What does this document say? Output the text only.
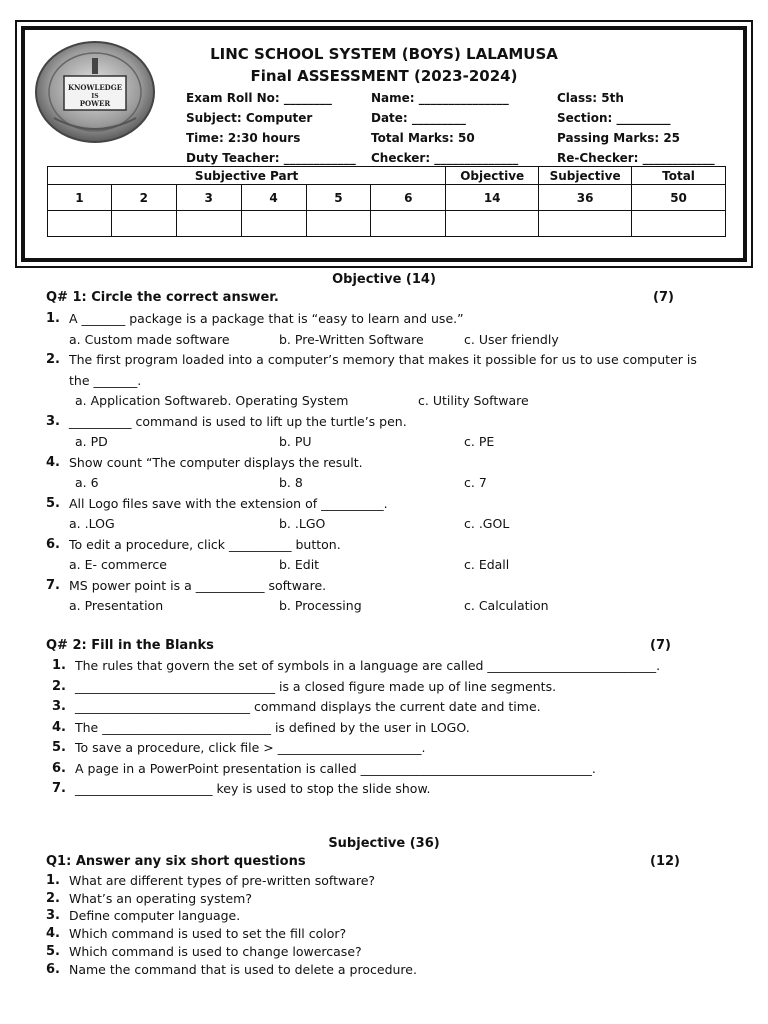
KNOWLEDGE
IS
POWER
LINC SCHOOL SYSTEM (BOYS) LALAMUSA
Final ASSESSMENT (2023-2024)
Exam Roll No: ________	Name: _______________	Class: 5th
Subject: Computer	Date: _________	Section: _________
Time: 2:30 hours	Total Marks: 50	Passing Marks: 25
Duty Teacher: ____________ Checker: ______________	Re-Checker: ____________
Subjective Part						Objective	Subjective	Total
1	2	3	4	5	6	14	36	50

Objective (14)
Q# 1: Circle the correct answer.	(7)
1. A _______ package is a package that is “easy to learn and use.”
a. Custom made software	b. Pre-Written Software	c. User friendly
2. The first program loaded into a computer’s memory that makes it possible for us to use computer is
the _______.
a. Application Softwareb. Operating System	c. Utility Software
3. __________ command is used to lift up the turtle’s pen.
a. PD	b. PU	c. PE
4. Show count “The computer displays the result.
a. 6	b. 8	c. 7
5. All Logo files save with the extension of __________.
a. .LOG	b. .LGO	c. .GOL
6. To edit a procedure, click __________ button.
a. E- commerce	b. Edit	c. Edall
7. MS power point is a ___________ software.
a. Presentation	b. Processing	c. Calculation
Q# 2: Fill in the Blanks	(7)
1. The rules that govern the set of symbols in a language are called ___________________________.
2. ________________________________ is a closed figure made up of line segments.
3. ____________________________ command displays the current date and time.
4. The ___________________________ is defined by the user in LOGO.
5. To save a procedure, click file > _______________________.
6. A page in a PowerPoint presentation is called _____________________________________.
7. ______________________ key is used to stop the slide show.
Subjective (36)
Q1: Answer any six short questions	(12)
1. What are different types of pre-written software?
2. What’s an operating system?
3. Define computer language.
4. Which command is used to set the fill color?
5. Which command is used to change lowercase?
6. Name the command that is used to delete a procedure.
